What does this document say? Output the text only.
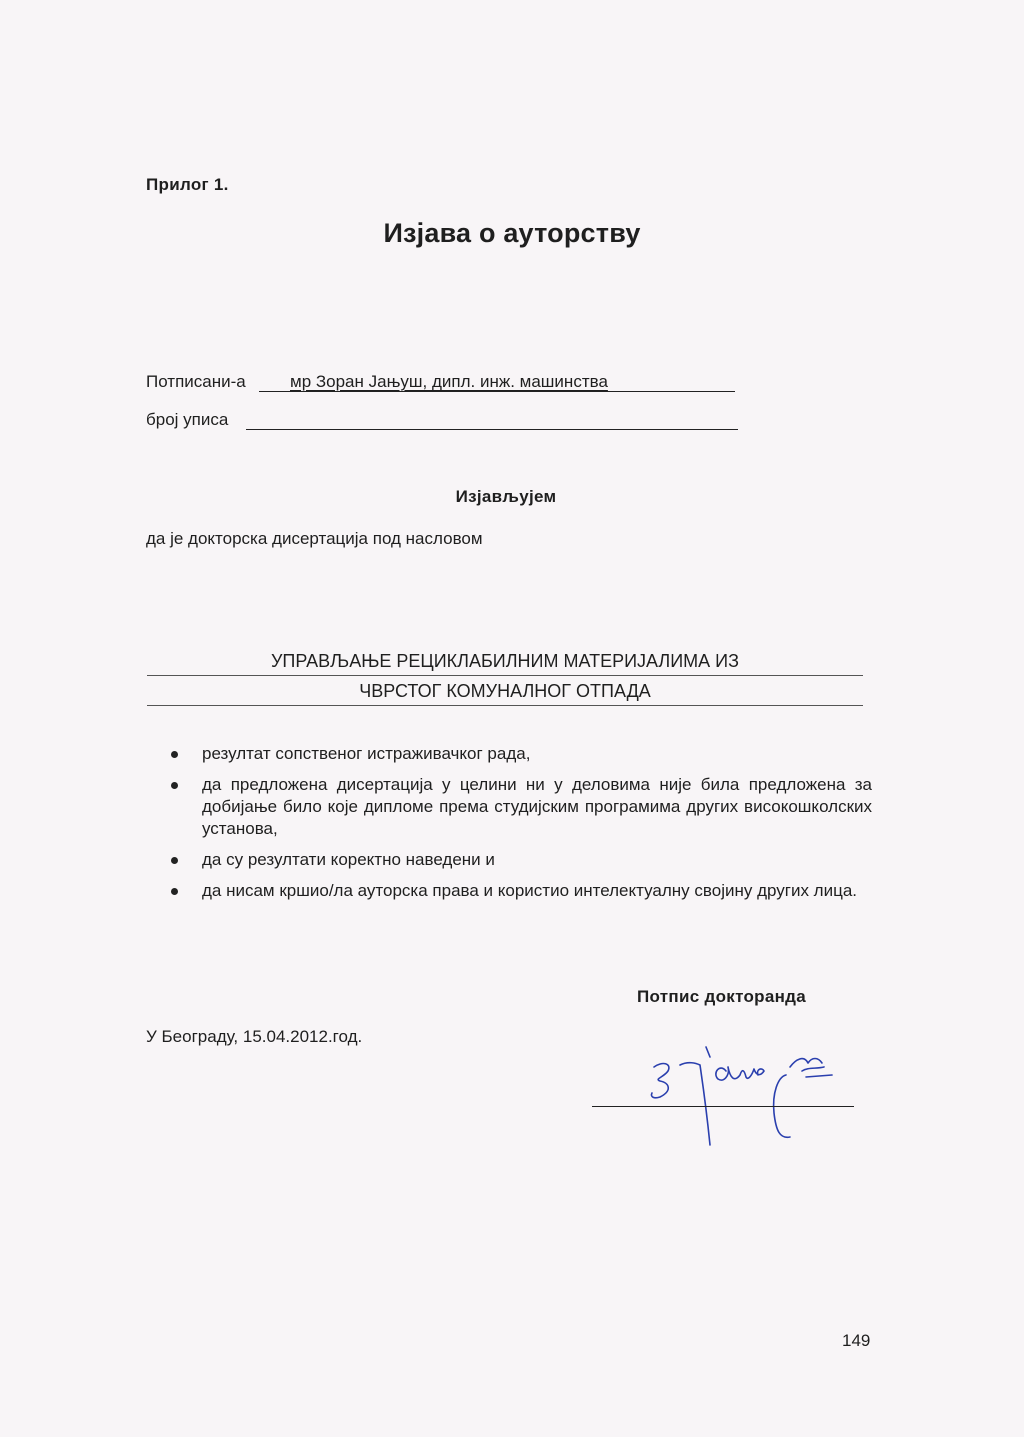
Прилог 1.
Изјава о ауторству
Потписани-а	мр Зоран Јањуш, дипл. инж. машинства
број уписа
Изјављујем
да је докторска дисертација под насловом
УПРАВЉАЊЕ РЕЦИКЛАБИЛНИМ МАТЕРИЈАЛИМА ИЗ
ЧВРСТОГ КОМУНАЛНОГ ОТПАДА
резултат сопственог истраживачког рада,
да предложена дисертација у целини ни у деловима није била предложена за добијање било које дипломе према студијским програмима других високошколских установа,
да су резултати коректно наведени и
да нисам кршио/ла ауторска права и користио интелектуалну својину других лица.
Потпис докторанда
У Београду, 15.04.2012.год.
149
